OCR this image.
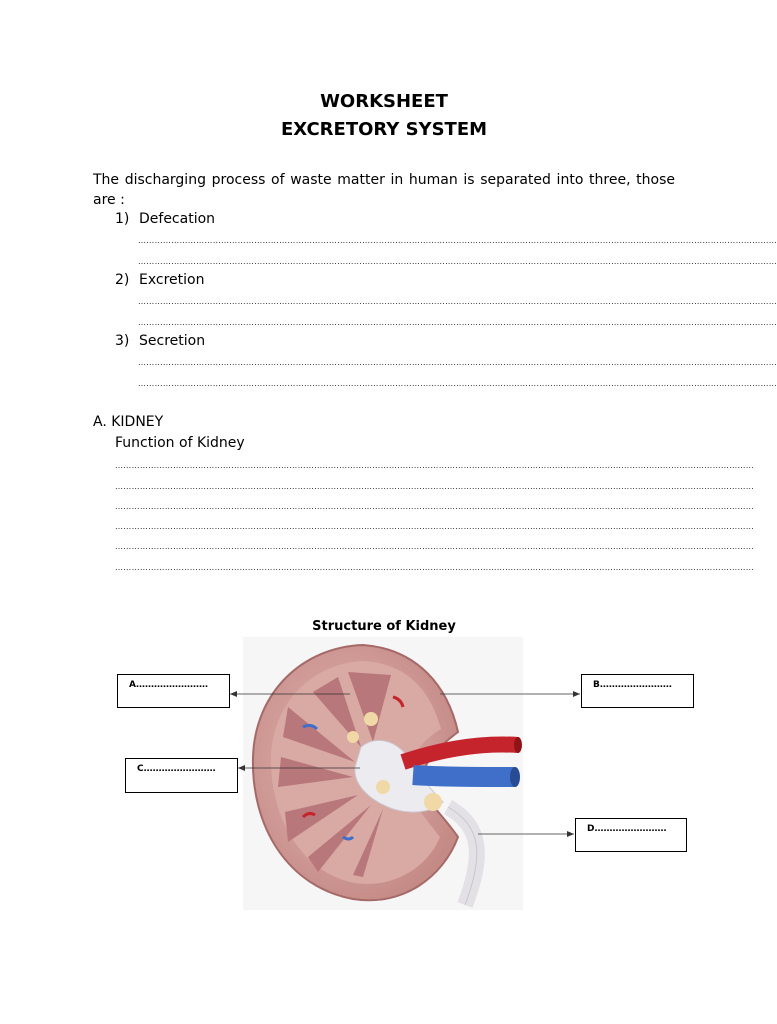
WORKSHEET
EXCRETORY SYSTEM
The discharging process of waste matter in human is separated into three, those are :
1) Defecation
……………………………………………………………………………………………………………………………………………………………………………………………………………
……………………………………………………………………………………………………………………………………………………………………………………………………………
2) Excretion
……………………………………………………………………………………………………………………………………………………………………………………………………………
……………………………………………………………………………………………………………………………………………………………………………………………………………
3) Secretion
……………………………………………………………………………………………………………………………………………………………………………………………………………
……………………………………………………………………………………………………………………………………………………………………………………………………………
A. KIDNEY
Function of Kidney
……………………………………………………………………………………………………………………………………………………………………………………………………………
……………………………………………………………………………………………………………………………………………………………………………………………………………
……………………………………………………………………………………………………………………………………………………………………………………………………………
……………………………………………………………………………………………………………………………………………………………………………………………………………
……………………………………………………………………………………………………………………………………………………………………………………………………………
……………………………………………………………………………………………………………………………………………………………………………………………………………
Structure of Kidney
A……………………	B……………………
C……………………
D……………………
